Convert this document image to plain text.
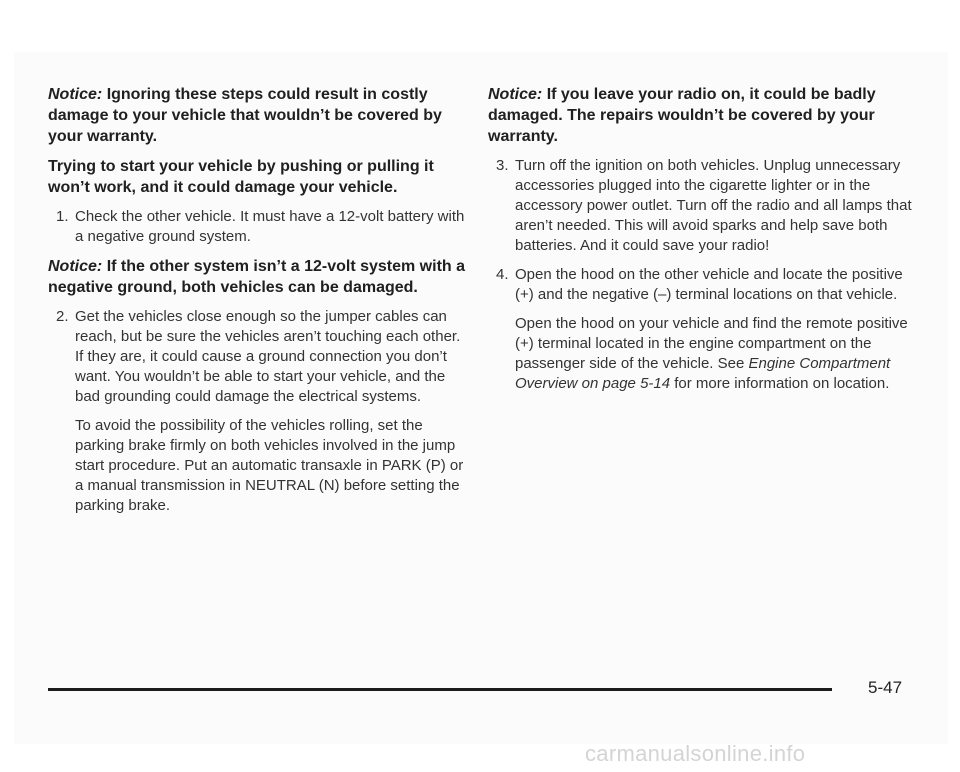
Notice: Ignoring these steps could result in costly damage to your vehicle that wouldn’t be covered by your warranty.

Trying to start your vehicle by pushing or pulling it won’t work, and it could damage your vehicle.

1. Check the other vehicle. It must have a 12-volt battery with a negative ground system.

Notice: If the other system isn’t a 12-volt system with a negative ground, both vehicles can be damaged.

2. Get the vehicles close enough so the jumper cables can reach, but be sure the vehicles aren’t touching each other. If they are, it could cause a ground connection you don’t want. You wouldn’t be able to start your vehicle, and the bad grounding could damage the electrical systems.

To avoid the possibility of the vehicles rolling, set the parking brake firmly on both vehicles involved in the jump start procedure. Put an automatic transaxle in PARK (P) or a manual transmission in NEUTRAL (N) before setting the parking brake.

Notice: If you leave your radio on, it could be badly damaged. The repairs wouldn’t be covered by your warranty.

3. Turn off the ignition on both vehicles. Unplug unnecessary accessories plugged into the cigarette lighter or in the accessory power outlet. Turn off the radio and all lamps that aren’t needed. This will avoid sparks and help save both batteries. And it could save your radio!
4. Open the hood on the other vehicle and locate the positive (+) and the negative (–) terminal locations on that vehicle.

Open the hood on your vehicle and find the remote positive (+) terminal located in the engine compartment on the passenger side of the vehicle. See Engine Compartment Overview on page 5-14 for more information on location.

5-47
carmanualsonline.info
